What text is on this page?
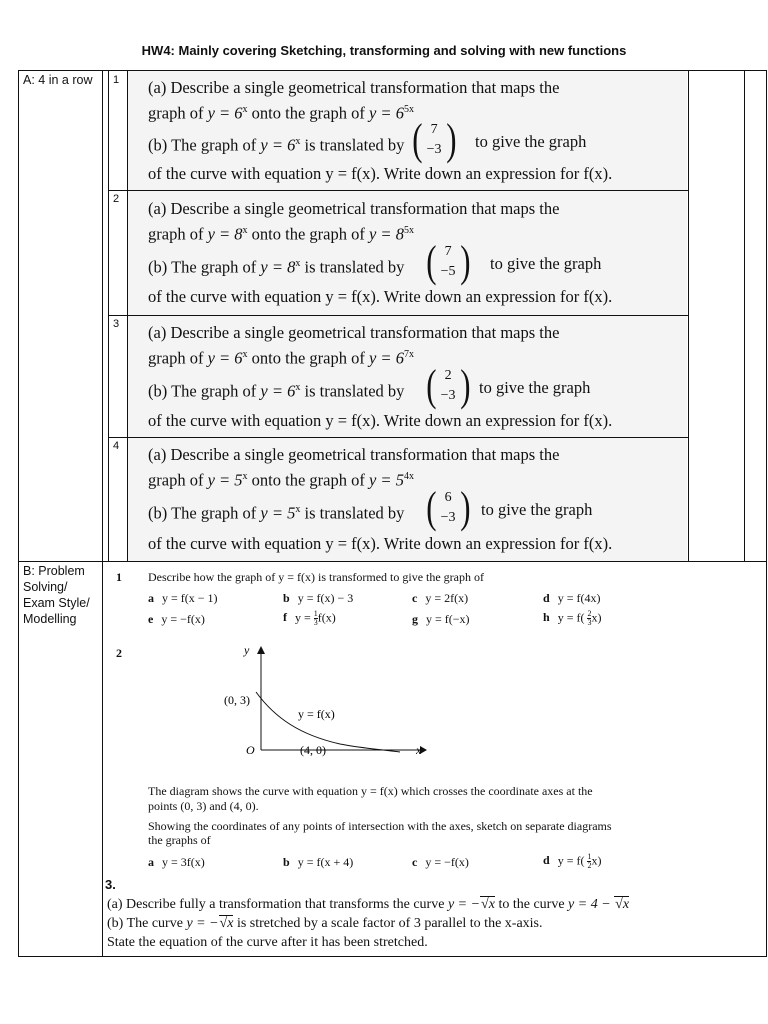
HW4: Mainly covering Sketching, transforming and solving with new functions
A: 4 in a row 1 (a) Describe a single geometrical transformation that maps the
graph of $y = 6^x$ onto the graph of $y = 6^{5x}$
(b) The graph of $y = 6^x$ is translated by ( 7
−3 ) to give the graph
of the curve with equation y = f(x). Write down an expression for f(x).
2 (a) Describe a single geometrical transformation that maps the
graph of $y = 8^x$ onto the graph of $y = 8^{5x}$
(b) The graph of $y = 8^x$ is translated by ( 7
−5 ) to give the graph
of the curve with equation y = f(x). Write down an expression for f(x).
3 (a) Describe a single geometrical transformation that maps the
graph of $y = 6^x$ onto the graph of $y = 6^{7x}$
(b) The graph of $y = 6^x$ is translated by ( 2
−3 ) to give the graph
of the curve with equation y = f(x). Write down an expression for f(x).
4 (a) Describe a single geometrical transformation that maps the
graph of $y = 5^x$ onto the graph of $y = 5^{4x}$
(b) The graph of $y = 5^x$ is translated by ( 6
−3 ) to give the graph
of the curve with equation y = f(x). Write down an expression for f(x).
B: Problem Solving/ Exam Style/ Modelling
1 Describe how the graph of y = f(x) is transformed to give the graph of
a y = f(x − 1)	b y = f(x) − 3	c y = 2f(x)	d y = f(4x)
e y = −f(x)	f $y = \frac{1}{3} f(x)$	g y = f(−x)	h $y = f( \frac{2}{3} x)$
2	y
x
O
(0, 3)
(4, 0)
y = f(x)
The diagram shows the curve with equation y = f(x) which crosses the coordinate axes at the
points (0, 3) and (4, 0).
Showing the coordinates of any points of intersection with the axes, sketch on separate diagrams
the graphs of
a y = 3f(x)	b y = f(x + 4)	c y = −f(x)	d $y = f( \frac{1}{2} x)$
3.
(a) Describe fully a transformation that transforms the curve y = −√x to the curve y = 4 − √x
(b) The curve y = −√x is stretched by a scale factor of 3 parallel to the x-axis.
State the equation of the curve after it has been stretched.
